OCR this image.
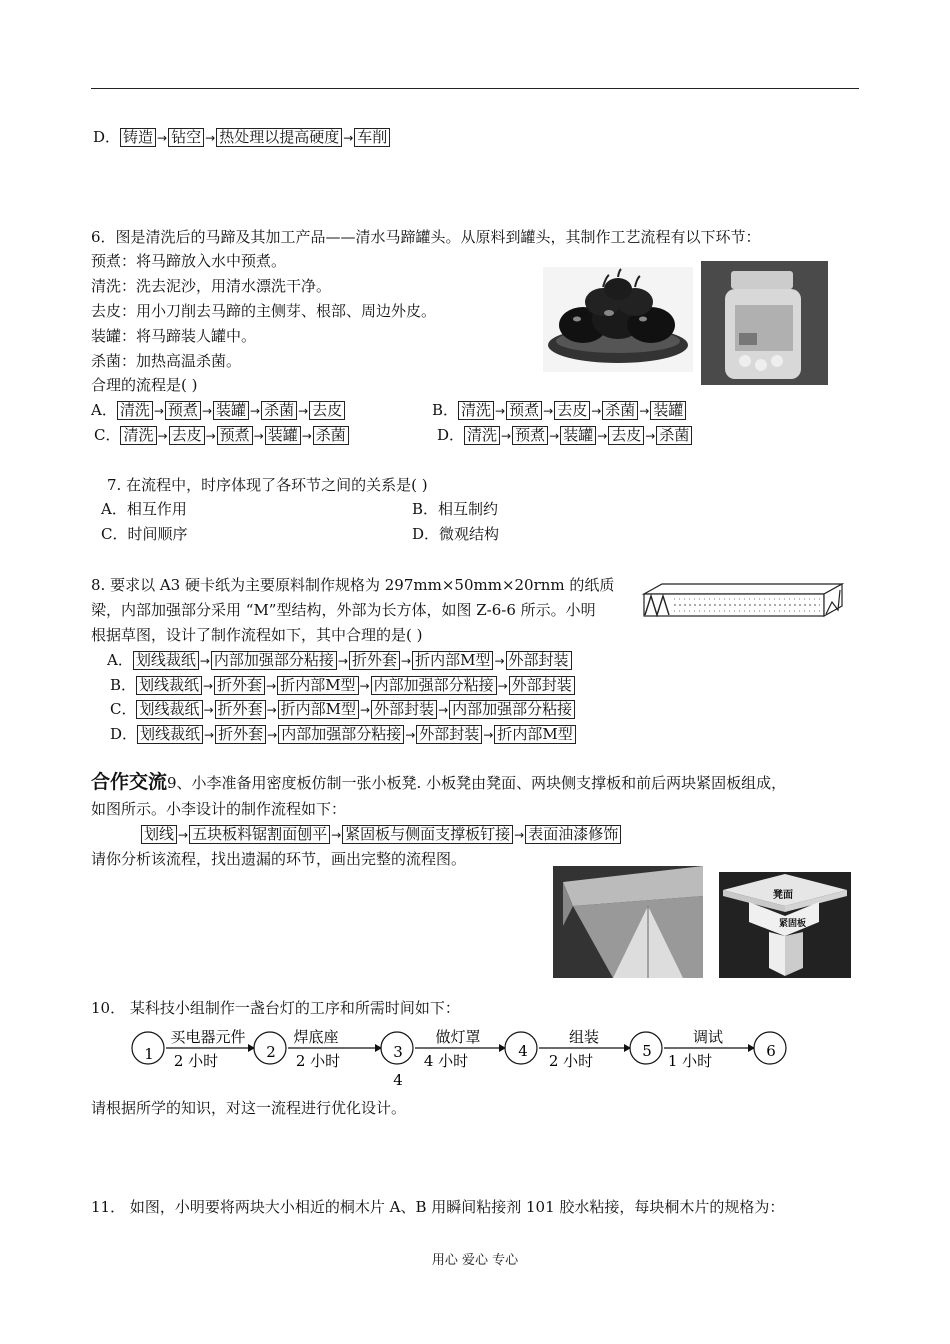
D． 铸造 → 钻空 → 热处理以提高硬度 → 车削
6．图是清洗后的马蹄及其加工产品——清水马蹄罐头。从原料到罐头，其制作工艺流程有以下环节：
预煮：将马蹄放入水中预煮。
清洗：洗去泥沙，用清水漂洗干净。
去皮：用小刀削去马蹄的主侧芽、根部、周边外皮。
装罐：将马蹄装人罐中。
杀菌：加热高温杀菌。
合理的流程是( )
A． 清洗 → 预煮 → 装罐 → 杀菌 → 去皮	B． 清洗 → 预煮 → 去皮 → 杀菌 → 装罐
C． 清洗 → 去皮 → 预煮 → 装罐 → 杀菌	D． 清洗 → 预煮 → 装罐 → 去皮 → 杀菌
7. 在流程中，时序体现了各环节之间的关系是( )
A．相互作用	B．相互制约
C．时间顺序	D．微观结构
8. 要求以 A3 硬卡纸为主要原料制作规格为 297mm×50mm×20rnm 的纸质
梁，内部加强部分采用 “M”型结构，外部为长方体，如图 Z-6-6 所示。小明
根据草图，设计了制作流程如下，其中合理的是( )
A． 划线裁纸 → 内部加强部分粘接 → 折外套 → 折内部M型 → 外部封装
B． 划线裁纸 → 折外套 → 折内部M型 → 内部加强部分粘接 → 外部封装
C． 划线裁纸 → 折外套 → 折内部M型 → 外部封装 → 内部加强部分粘接
D． 划线裁纸 → 折外套 → 内部加强部分粘接 → 外部封装 → 折内部M型
合作交流9、小李准备用密度板仿制一张小板凳. 小板凳由凳面、两块侧支撑板和前后两块紧固板组成，
如图所示。小李设计的制作流程如下：
划线 → 五块板料锯割面刨平 → 紧固板与侧面支撑板钉接 → 表面油漆修饰
请你分析该流程，找出遗漏的环节，画出完整的流程图。
凳面
紧固板
10． 某科技小组制作一盏台灯的工序和所需时间如下：
1	2	3	4	5	6
买电器元件	焊底座	做灯罩	组装	调试
2 小时	2 小时	4 小时	2 小时	1 小时
4
请根据所学的知识，对这一流程进行优化设计。
11． 如图，小明要将两块大小相近的桐木片 A、B 用瞬间粘接剂 101 胶水粘接，每块桐木片的规格为：
用心 爱心 专心
